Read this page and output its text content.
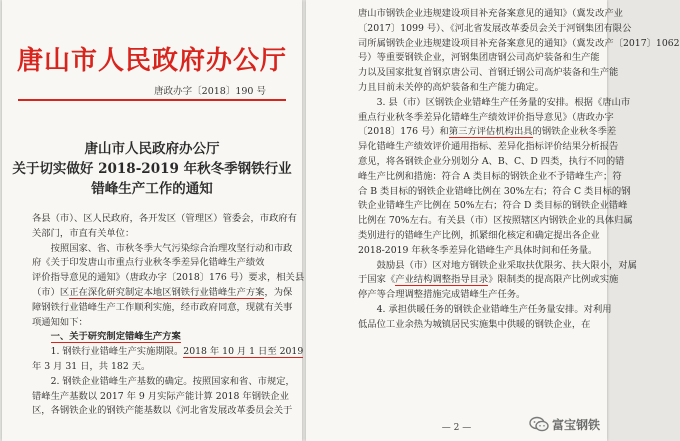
唐山市人民政府办公厅
唐政办字〔2018〕190 号
唐山市人民政府办公厅
关于切实做好 2018-2019 年秋冬季钢铁行业
错峰生产工作的通知
各县（市）、区人民政府，各开发区（管理区）管委会，市政府有
关部门，市直有关单位：
　　按照国家、省、市秋冬季大气污染综合治理攻坚行动和市政
府《关于印发唐山市重点行业秋冬季差异化错峰生产绩效
评价指导意见的通知》（唐政办字〔2018〕176 号）要求，相关县
（市）区正在深化研究制定本地区钢铁行业错峰生产方案，为保
障钢铁行业错峰生产工作顺利实施，经市政府同意，现就有关事
项通知如下：
　　一、关于研究制定错峰生产方案
　　1. 钢铁行业错峰生产实施期限。2018 年 10 月 1 日至 2019
年 3 月 31 日，共 182 天。
　　2. 钢铁企业错峰生产基数的确定。按照国家和省、市规定，
错峰生产基数以 2017 年 9 月实际产能计算 2018 年钢铁企业
区，各钢铁企业的钢铁产能基数以《河北省发展改革委员会关于
唐山市钢铁企业违规建设项目补充备案意见的通知》（冀发改产业
〔2017〕1099 号）、《河北省发展改革委员会关于河钢集团有限公
司所属钢铁企业违规建设项目补充备案意见的通知》（冀发改产〔2017〕1062
号）等重要钢铁企业，河钢集团唐钢公司高炉装备和生产能
力以及国家批复首钢京唐公司、首钢迁钢公司高炉装备和生产能
力且目前未关停的高炉装备和生产能力确定。
　　3. 县（市）区钢铁企业错峰生产任务量的安排。根据《唐山市
重点行业秋冬季差异化错峰生产绩效评价指导意见》（唐政办字
〔2018〕176 号）和第三方评估机构出具的钢铁企业秋冬季差
异化错峰生产绩效评价通用指标、差异化指标评价结果分析报告
意见，将各钢铁企业分别划分 A、B、C、D 四类，执行不同的错
峰生产比例和措施：符合 A 类目标的钢铁企业不予错峰生产；符
合 B 类目标的钢铁企业错峰比例在 30%左右；符合 C 类目标的钢
铁企业错峰生产比例在 50%左右；符合 D 类目标的钢铁企业错峰
比例在 70%左右。有关县（市）区按照辖区内钢铁企业的具体归属
类别进行的错峰生产比例，抓紧细化核定和确定提出各企业
2018-2019 年秋冬季差异化错峰生产具体时间和任务量。
　　鼓励县（市）区对地方钢铁企业采取扶优限劣、扶大限小，对属
于国家《产业结构调整指导目录》限制类的提高限产比例或实施
停产等合理调整措施完成错峰生产任务。
　　4. 承担供暖任务的钢铁企业错峰生产任务量安排。对利用
低品位工业余热为城镇居民实施集中供暖的钢铁企业，在
— 2 —	富宝钢铁
